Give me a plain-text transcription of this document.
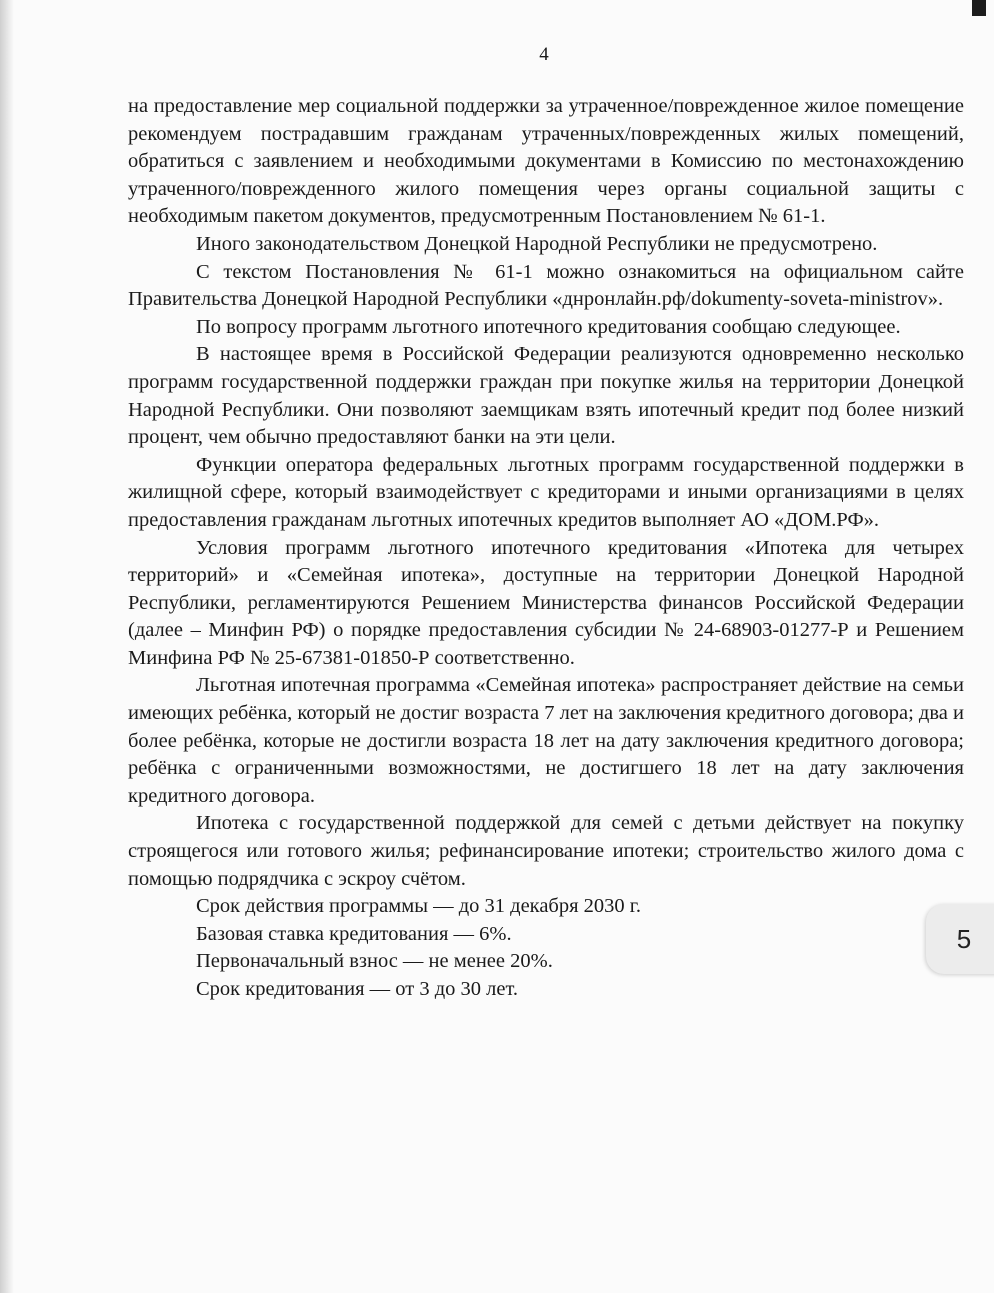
4

на предоставление мер социальной поддержки за утраченное/поврежденное жилое помещение рекомендуем пострадавшим гражданам утраченных/поврежденных жилых помещений, обратиться с заявлением и необходимыми документами в Комиссию по местонахождению утраченного/поврежденного жилого помещения через органы социальной защиты с необходимым пакетом документов, предусмотренным Постановлением № 61-1.

Иного законодательством Донецкой Народной Республики не предусмотрено.

С текстом Постановления № 61-1 можно ознакомиться на официальном сайте Правительства Донецкой Народной Республики «днронлайн.рф/dokumenty-soveta-ministrov».

По вопросу программ льготного ипотечного кредитования сообщаю следующее.

В настоящее время в Российской Федерации реализуются одновременно несколько программ государственной поддержки граждан при покупке жилья на территории Донецкой Народной Республики. Они позволяют заемщикам взять ипотечный кредит под более низкий процент, чем обычно предоставляют банки на эти цели.

Функции оператора федеральных льготных программ государственной поддержки в жилищной сфере, который взаимодействует с кредиторами и иными организациями в целях предоставления гражданам льготных ипотечных кредитов выполняет АО «ДОМ.РФ».

Условия программ льготного ипотечного кредитования «Ипотека для четырех территорий» и «Семейная ипотека», доступные на территории Донецкой Народной Республики, регламентируются Решением Министерства финансов Российской Федерации (далее – Минфин РФ) о порядке предоставления субсидии № 24-68903-01277-Р и Решением Минфина РФ № 25-67381-01850-Р соответственно.

Льготная ипотечная программа «Семейная ипотека» распространяет действие на семьи имеющих ребёнка, который не достиг возраста 7 лет на заключения кредитного договора; два и более ребёнка, которые не достигли возраста 18 лет на дату заключения кредитного договора; ребёнка с ограниченными возможностями, не достигшего 18 лет на дату заключения кредитного договора.

Ипотека с государственной поддержкой для семей с детьми действует на покупку строящегося или готового жилья; рефинансирование ипотеки; строительство жилого дома с помощью подрядчика с эскроу счётом.

Срок действия программы — до 31 декабря 2030 г.

Базовая ставка кредитования — 6%.

Первоначальный взнос — не менее 20%.

Срок кредитования — от 3 до 30 лет.

5
